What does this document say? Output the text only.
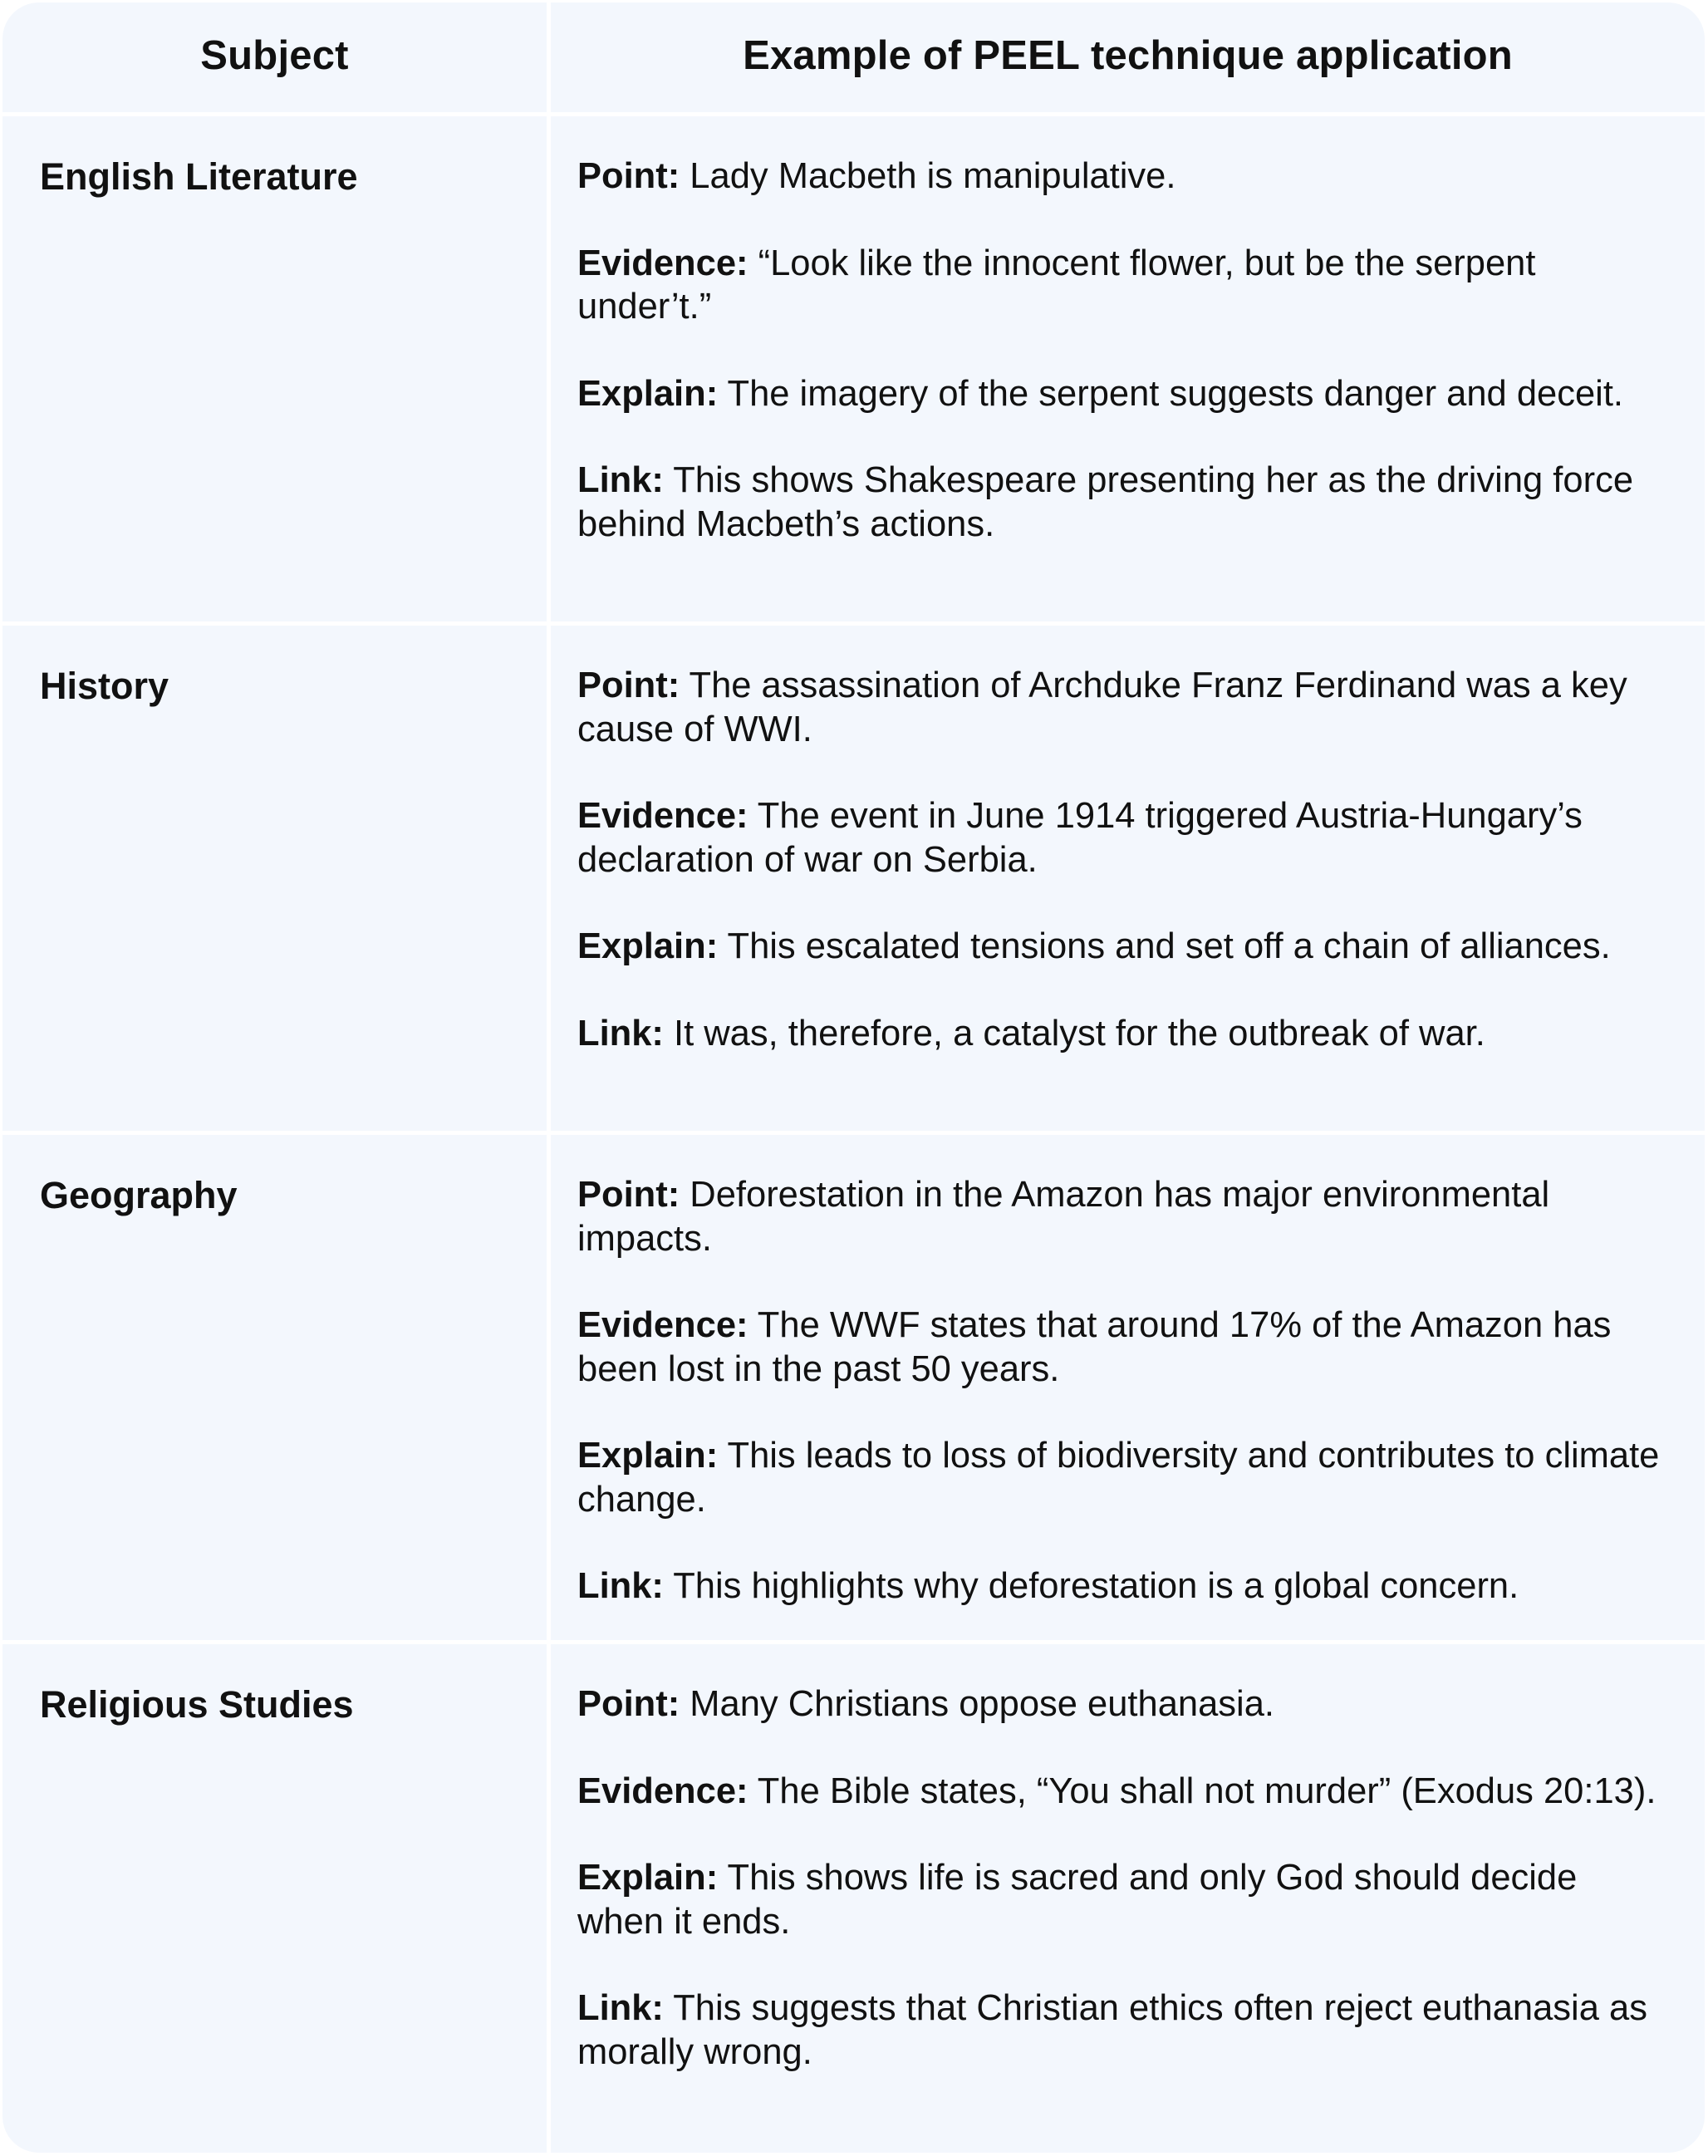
Subject	Example of PEEL technique application
English Literature	Point: Lady Macbeth is manipulative.

Evidence: “Look like the innocent flower, but be the serpent under’t.”

Explain: The imagery of the serpent suggests danger and deceit.

Link: This shows Shakespeare presenting her as the driving force behind Macbeth’s actions.

History	Point: The assassination of Archduke Franz Ferdinand was a key cause of WWI.

Evidence: The event in June 1914 triggered Austria-Hungary’s declaration of war on Serbia.

Explain: This escalated tensions and set off a chain of alliances.

Link: It was, therefore, a catalyst for the outbreak of war.

Geography	Point: Deforestation in the Amazon has major environmental impacts.

Evidence: The WWF states that around 17% of the Amazon has been lost in the past 50 years.

Explain: This leads to loss of biodiversity and contributes to climate change.

Link: This highlights why deforestation is a global concern.

Religious Studies	Point: Many Christians oppose euthanasia.

Evidence: The Bible states, “You shall not murder” (Exodus 20:13).

Explain: This shows life is sacred and only God should decide when it ends.

Link: This suggests that Christian ethics often reject euthanasia as morally wrong.
